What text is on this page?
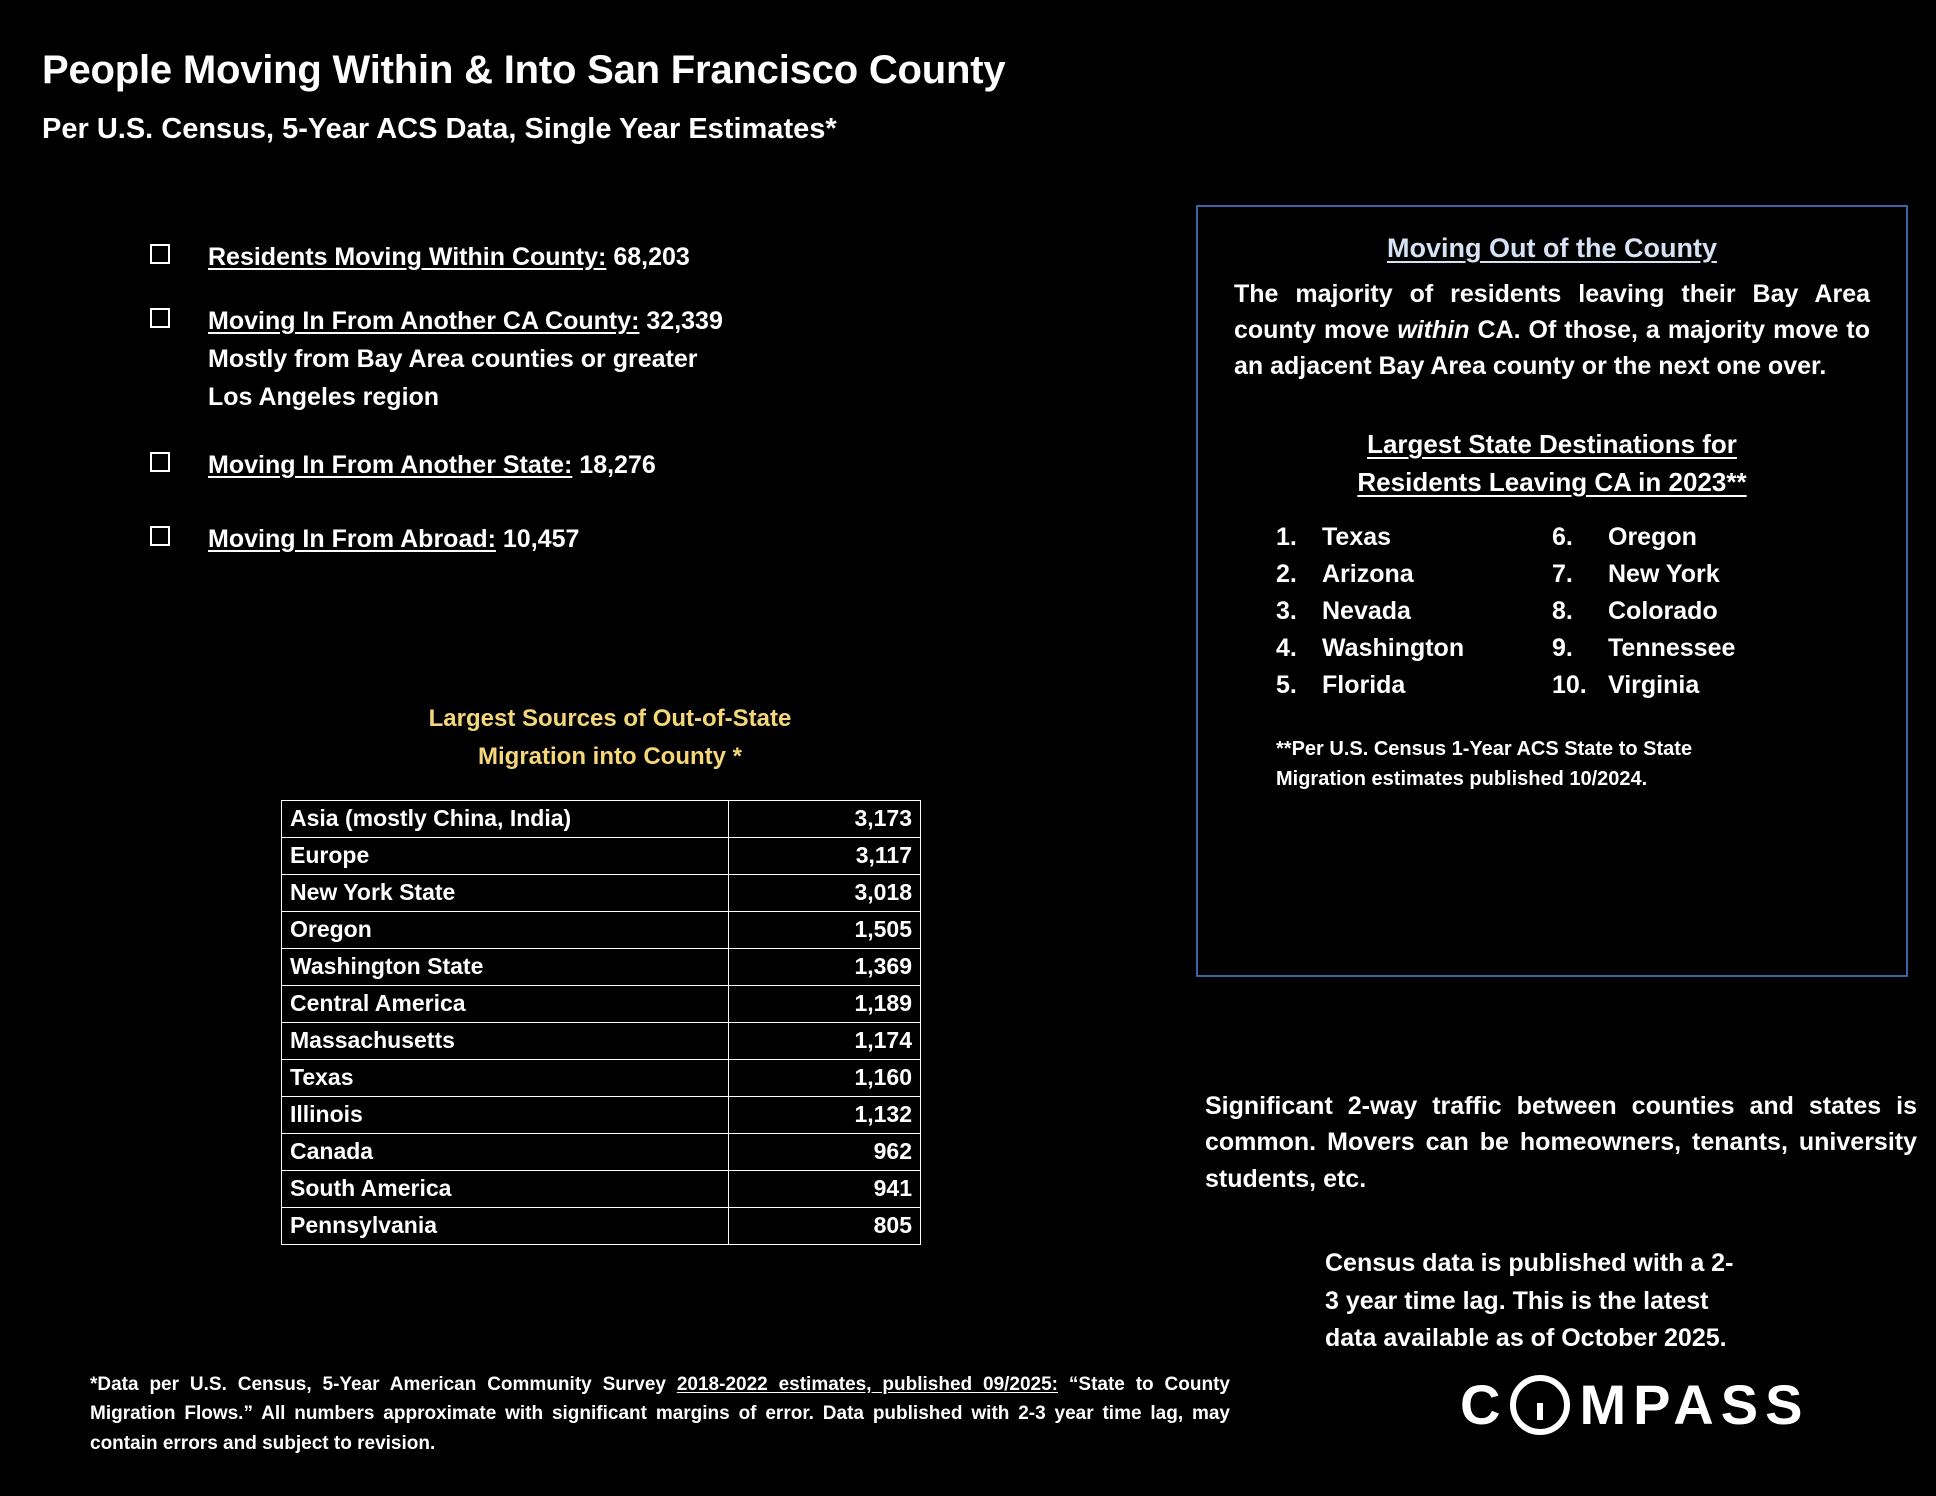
People Moving Within & Into San Francisco County
Per U.S. Census, 5-Year ACS Data, Single Year Estimates*
Residents Moving Within County: 68,203
Moving In From Another CA County: 32,339
Mostly from Bay Area counties or greater
Los Angeles region
Moving In From Another State: 18,276
Moving In From Abroad: 10,457
Largest Sources of Out-of-State
Migration into County *
Asia (mostly China, India)	3,173
Europe	3,117
New York State	3,018
Oregon	1,505
Washington State	1,369
Central America	1,189
Massachusetts	1,174
Texas	1,160
Illinois	1,132
Canada	962
South America	941
Pennsylvania	805
*Data per U.S. Census, 5-Year American Community Survey 2018-2022 estimates, published 09/2025: “State to County Migration Flows.” All numbers approximate with significant margins of error. Data published with 2-3 year time lag, may contain errors and subject to revision.
Moving Out of the County
The majority of residents leaving their Bay Area county move within CA. Of those, a majority move to an adjacent Bay Area county or the next one over.
Largest State Destinations for
Residents Leaving CA in 2023**
1.	Texas	6.	Oregon
2.	Arizona	7.	New York
3.	Nevada	8.	Colorado
4.	Washington	9.	Tennessee
5.	Florida	10. Virginia
**Per U.S. Census 1-Year ACS State to State
Migration estimates published 10/2024.
Significant 2-way traffic between counties and states is common. Movers can be homeowners, tenants, university students, etc.
Census data is published with a 2-
3 year time lag. This is the latest
data available as of October 2025.
C MPASS
